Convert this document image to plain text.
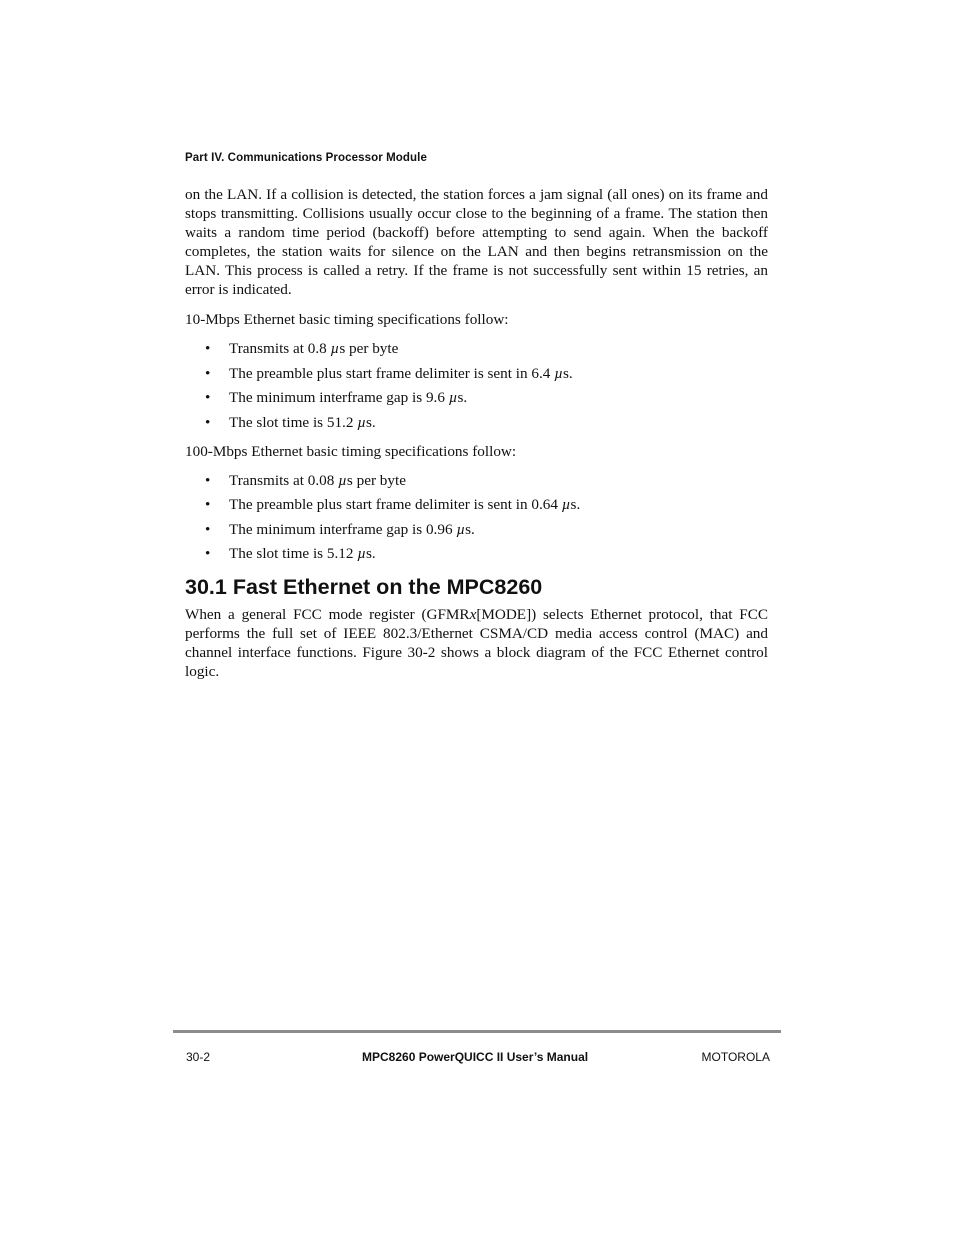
Part IV. Communications Processor Module

on the LAN. If a collision is detected, the station forces a jam signal (all ones) on its frame and stops transmitting. Collisions usually occur close to the beginning of a frame. The station then waits a random time period (backoff) before attempting to send again. When the backoff completes, the station waits for silence on the LAN and then begins retransmission on the LAN. This process is called a retry. If the frame is not successfully sent within 15 retries, an error is indicated.

10-Mbps Ethernet basic timing specifications follow:

• Transmits at 0.8 µs per byte
• The preamble plus start frame delimiter is sent in 6.4 µs.
• The minimum interframe gap is 9.6 µs.
• The slot time is 51.2 µs.

100-Mbps Ethernet basic timing specifications follow:

• Transmits at 0.08 µs per byte
• The preamble plus start frame delimiter is sent in 0.64 µs.
• The minimum interframe gap is 0.96 µs.
• The slot time is 5.12 µs.
30.1 Fast Ethernet on the MPC8260

When a general FCC mode register (GFMRx[MODE]) selects Ethernet protocol, that FCC performs the full set of IEEE 802.3/Ethernet CSMA/CD media access control (MAC) and channel interface functions. Figure 30-2 shows a block diagram of the FCC Ethernet control logic.

30-2	MPC8260 PowerQUICC II User’s Manual	MOTOROLA
